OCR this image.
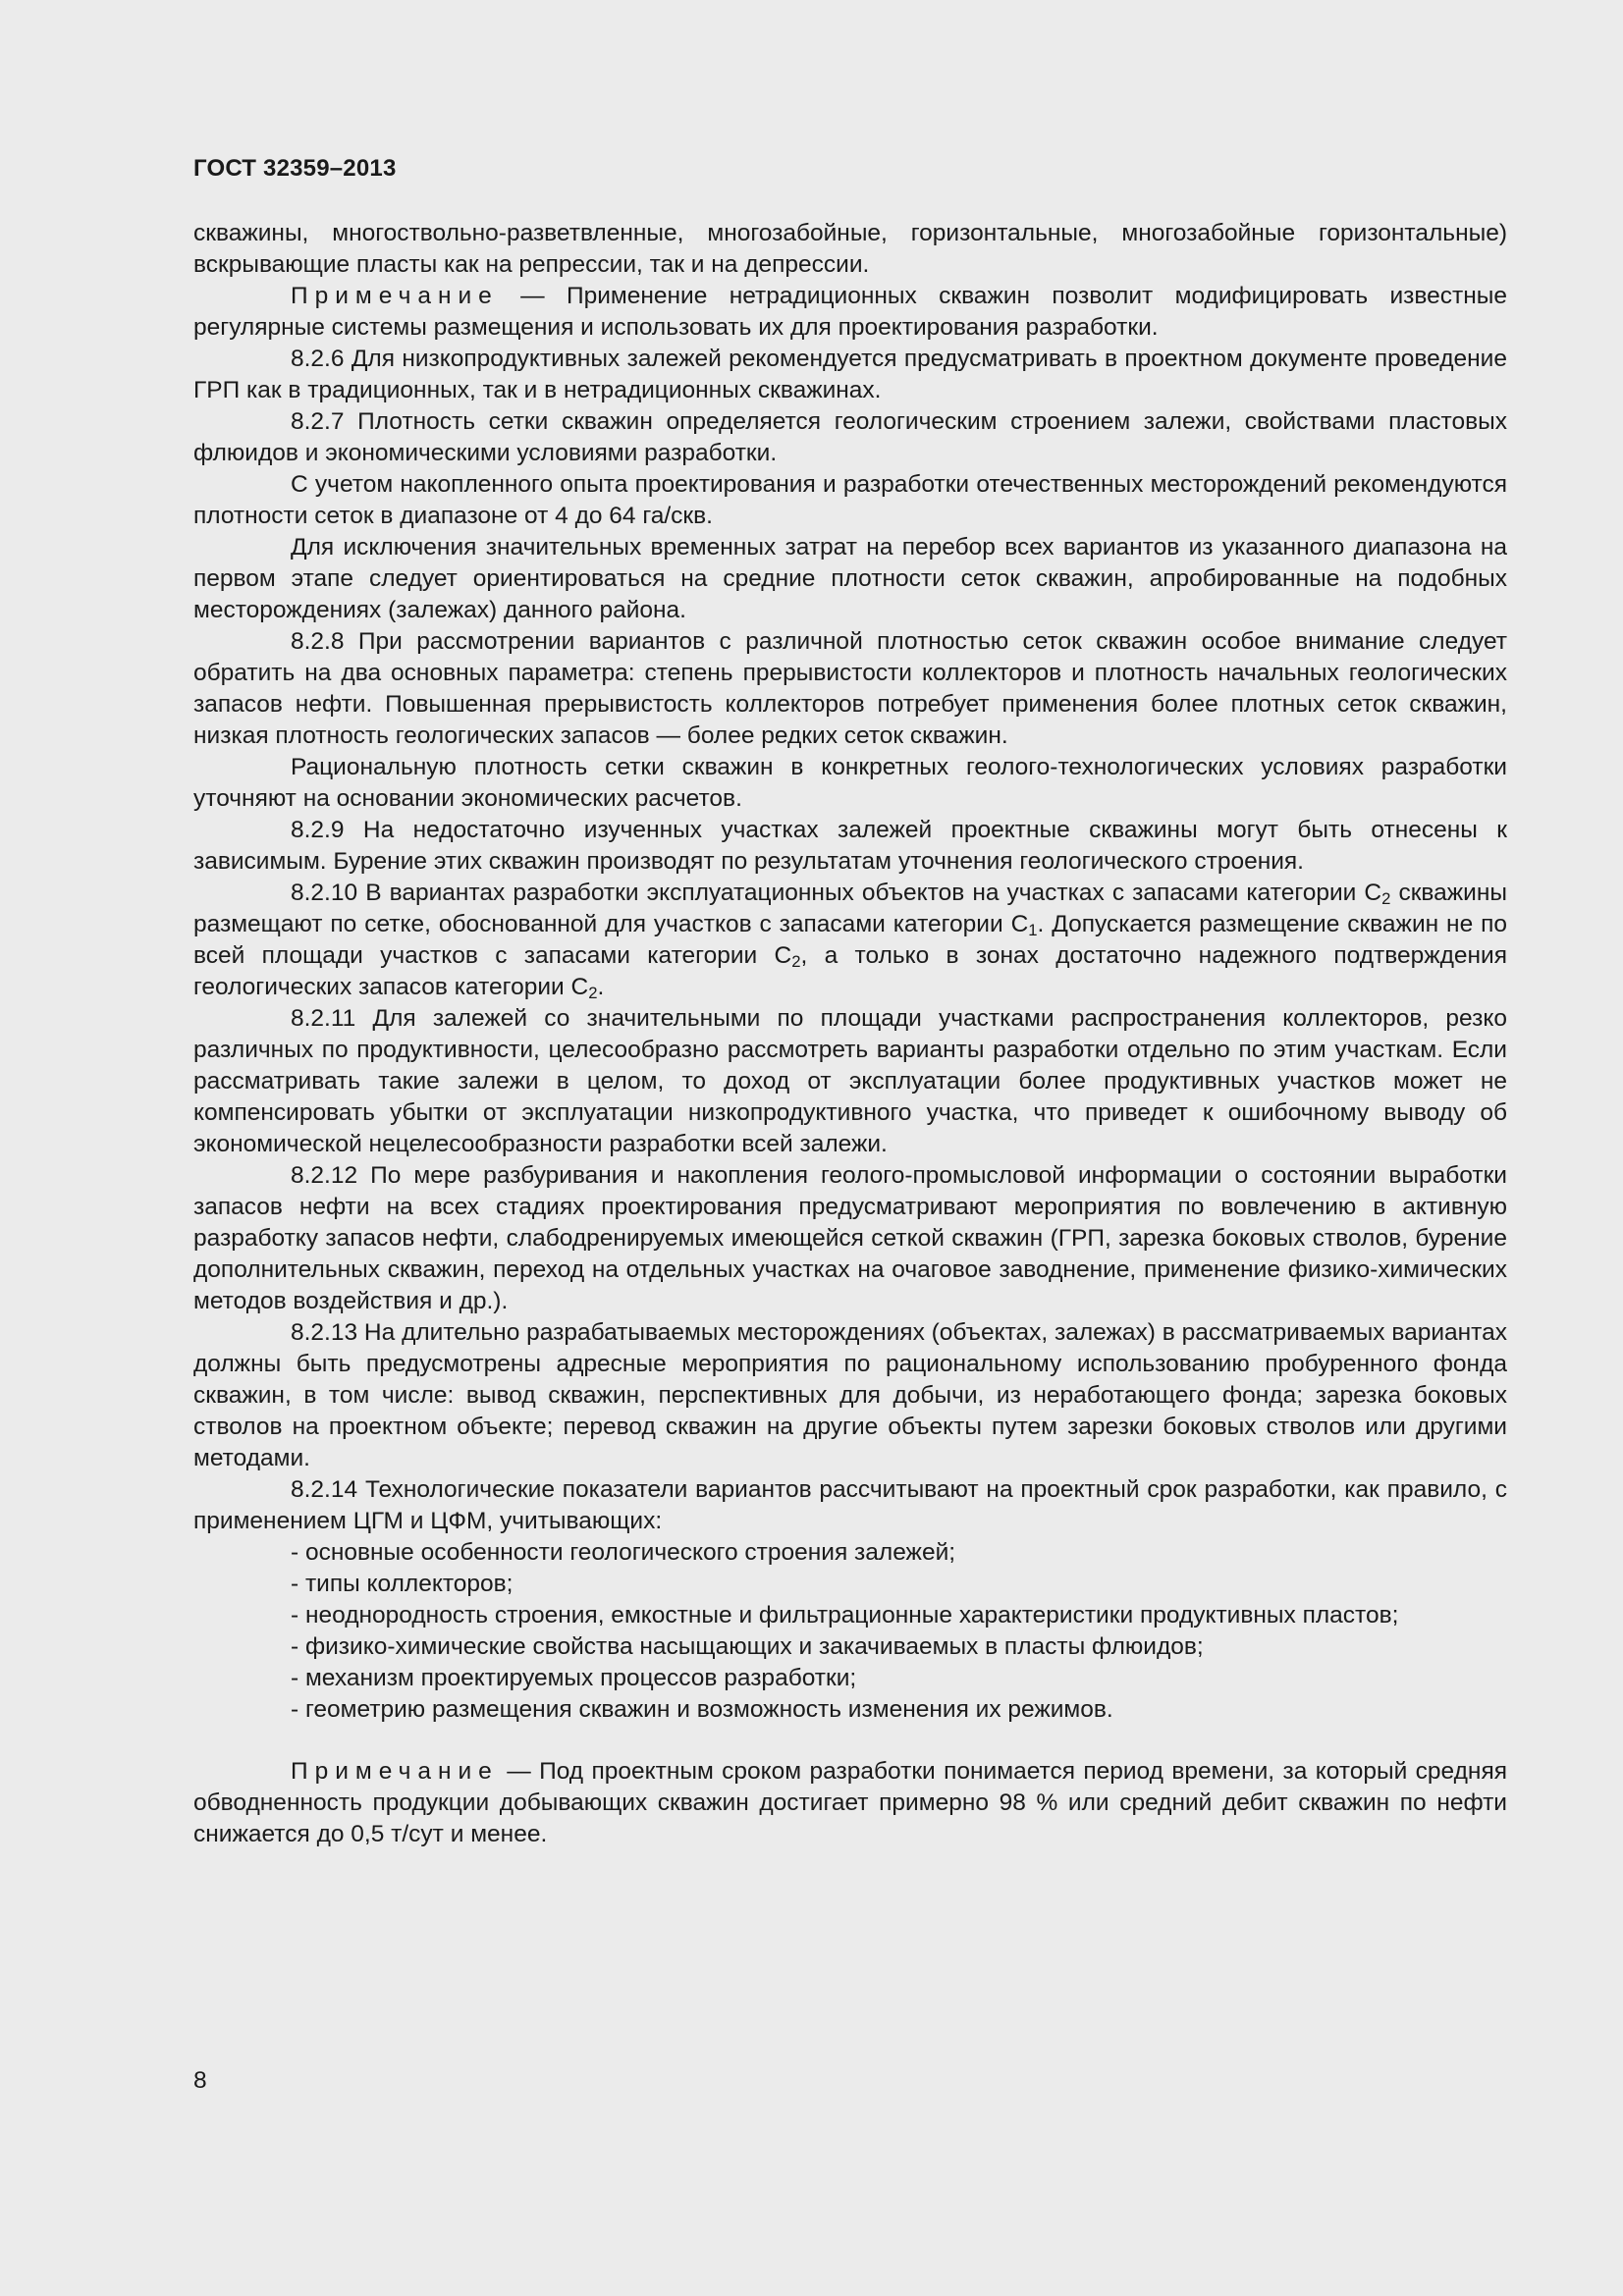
ГОСТ 32359–2013

скважины, многоствольно-разветвленные, многозабойные, горизонтальные, многозабойные горизонтальные) вскрывающие пласты как на репрессии, так и на депрессии.

Примечание — Применение нетрадиционных скважин позволит модифицировать известные регулярные системы размещения и использовать их для проектирования разработки.

8.2.6 Для низкопродуктивных залежей рекомендуется предусматривать в проектном документе проведение ГРП как в традиционных, так и в нетрадиционных скважинах.

8.2.7 Плотность сетки скважин определяется геологическим строением залежи, свойствами пластовых флюидов и экономическими условиями разработки.

С учетом накопленного опыта проектирования и разработки отечественных месторождений рекомендуются плотности сеток в диапазоне от 4 до 64 га/скв.

Для исключения значительных временных затрат на перебор всех вариантов из указанного диапазона на первом этапе следует ориентироваться на средние плотности сеток скважин, апробированные на подобных месторождениях (залежах) данного района.

8.2.8 При рассмотрении вариантов с различной плотностью сеток скважин особое внимание следует обратить на два основных параметра: степень прерывистости коллекторов и плотность начальных геологических запасов нефти. Повышенная прерывистость коллекторов потребует применения более плотных сеток скважин, низкая плотность геологических запасов — более редких сеток скважин.

Рациональную плотность сетки скважин в конкретных геолого-технологических условиях разработки уточняют на основании экономических расчетов.

8.2.9 На недостаточно изученных участках залежей проектные скважины могут быть отнесены к зависимым. Бурение этих скважин производят по результатам уточнения геологического строения.

8.2.10 В вариантах разработки эксплуатационных объектов на участках с запасами категории $С_2$ скважины размещают по сетке, обоснованной для участков с запасами категории $С_1$. Допускается размещение скважин не по всей площади участков с запасами категории $С_2$, а только в зонах достаточно надежного подтверждения геологических запасов категории $С_2$.

8.2.11 Для залежей со значительными по площади участками распространения коллекторов, резко различных по продуктивности, целесообразно рассмотреть варианты разработки отдельно по этим участкам. Если рассматривать такие залежи в целом, то доход от эксплуатации более продуктивных участков может не компенсировать убытки от эксплуатации низкопродуктивного участка, что приведет к ошибочному выводу об экономической нецелесообразности разработки всей залежи.

8.2.12 По мере разбуривания и накопления геолого-промысловой информации о состоянии выработки запасов нефти на всех стадиях проектирования предусматривают мероприятия по вовлечению в активную разработку запасов нефти, слабодренируемых имеющейся сеткой скважин (ГРП, зарезка боковых стволов, бурение дополнительных скважин, переход на отдельных участках на очаговое заводнение, применение физико-химических методов воздействия и др.).

8.2.13 На длительно разрабатываемых месторождениях (объектах, залежах) в рассматриваемых вариантах должны быть предусмотрены адресные мероприятия по рациональному использованию пробуренного фонда скважин, в том числе: вывод скважин, перспективных для добычи, из неработающего фонда; зарезка боковых стволов на проектном объекте; перевод скважин на другие объекты путем зарезки боковых стволов или другими методами.

8.2.14 Технологические показатели вариантов рассчитывают на проектный срок разработки, как правило, с применением ЦГМ и ЦФМ, учитывающих:

- основные особенности геологического строения залежей;

- типы коллекторов;

- неоднородность строения, емкостные и фильтрационные характеристики продуктивных пластов;

- физико-химические свойства насыщающих и закачиваемых в пласты флюидов;

- механизм проектируемых процессов разработки;

- геометрию размещения скважин и возможность изменения их режимов.

Примечание — Под проектным сроком разработки понимается период времени, за который средняя обводненность продукции добывающих скважин достигает примерно 98 % или средний дебит скважин по нефти снижается до 0,5 т/сут и менее.

8
